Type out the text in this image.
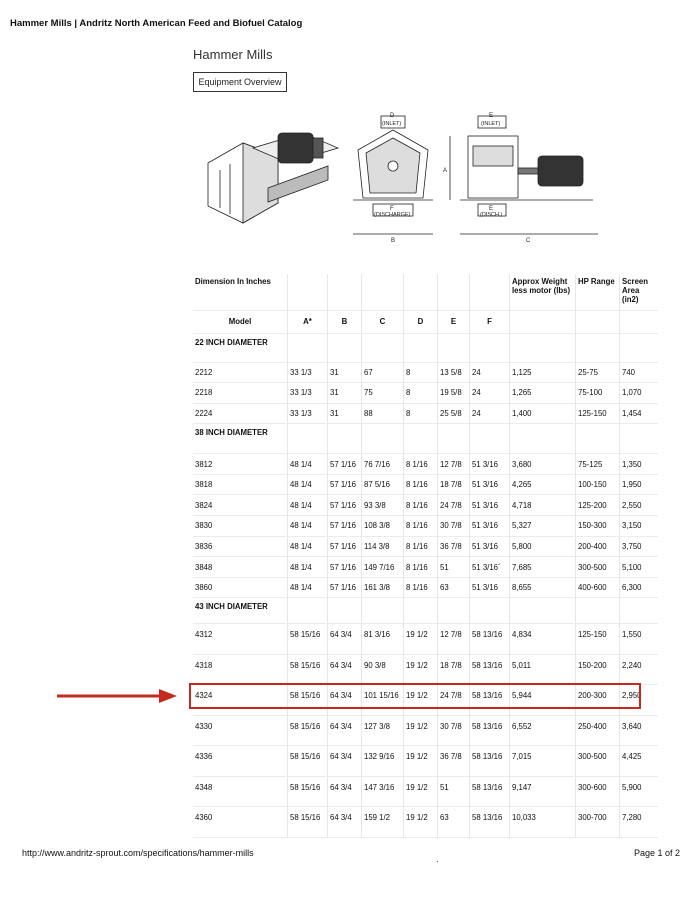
Hammer Mills | Andritz North American Feed and Biofuel Catalog
Hammer Mills
Equipment Overview
D
(INLET)
F
(DISCHARGE)
B
E
(INLET)
A
E
(DISCH.)
C
Dimension In Inches							Approx Weight less motor (lbs)	HP Range	Screen Area (in2)
Model	A*	B	C	D	E	F			
22 INCH DIAMETER									
2212	33 1/3	31	67	8	13 5/8	24	1,125	25-75	740
2218	33 1/3	31	75	8	19 5/8	24	1,265	75-100	1,070
2224	33 1/3	31	88	8	25 5/8	24	1,400	125-150	1,454
38 INCH DIAMETER									
3812	48 1/4	57 1/16	76 7/16	8 1/16	12 7/8	51 3/16	3,680	75-125	1,350
3818	48 1/4	57 1/16	87 5/16	8 1/16	18 7/8	51 3/16	4,265	100-150	1,950
3824	48 1/4	57 1/16	93 3/8	8 1/16	24 7/8	51 3/16	4,718	125-200	2,550
3830	48 1/4	57 1/16	108 3/8	8 1/16	30 7/8	51 3/16	5,327	150-300	3,150
3836	48 1/4	57 1/16	114 3/8	8 1/16	36 7/8	51 3/16	5,800	200-400	3,750
3848	48 1/4	57 1/16	149 7/16	8 1/16	51	51 3/16´	7,685	300-500	5,100
3860	48 1/4	57 1/16	161 3/8	8 1/16	63	51 3/16	8,655	400-600	6,300
43 INCH DIAMETER									
4312	58 15/16	64 3/4	81 3/16	19 1/2	12 7/8	58 13/16	4,834	125-150	1,550
4318	58 15/16	64 3/4	90 3/8	19 1/2	18 7/8	58 13/16	5,011	150-200	2,240
4324	58 15/16	64 3/4	101 15/16	19 1/2	24 7/8	58 13/16	5,944	200-300	2,950
4330	58 15/16	64 3/4	127 3/8	19 1/2	30 7/8	58 13/16	6,552	250-400	3,640
4336	58 15/16	64 3/4	132 9/16	19 1/2	36 7/8	58 13/16	7,015	300-500	4,425
4348	58 15/16	64 3/4	147 3/16	19 1/2	51	58 13/16	9,147	300-600	5,900
4360	58 15/16	64 3/4	159 1/2	19 1/2	63	58 13/16	10,033	300-700	7,280
http://www.andritz-sprout.com/specifications/hammer-mills	Page 1 of 2
·
